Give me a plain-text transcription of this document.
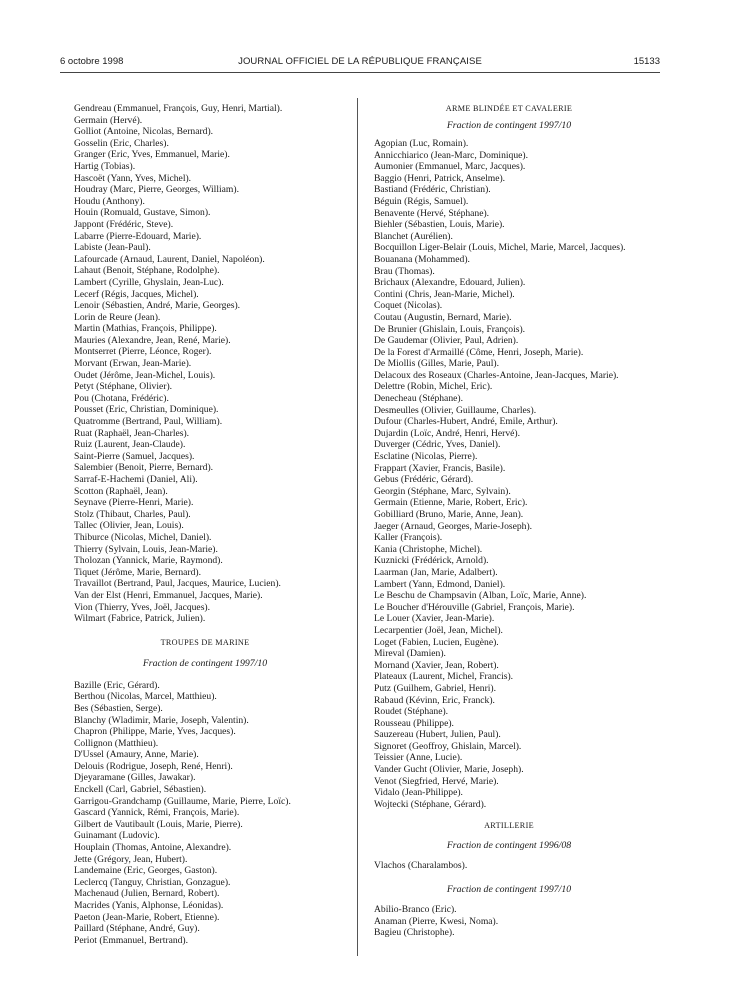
6 octobre 1998	JOURNAL OFFICIEL DE LA RÉPUBLIQUE FRANÇAISE	15133
Gendreau (Emmanuel, François, Guy, Henri, Martial).
Germain (Hervé).
Golliot (Antoine, Nicolas, Bernard).
Gosselin (Eric, Charles).
Granger (Eric, Yves, Emmanuel, Marie).
Hartig (Tobias).
Hascoët (Yann, Yves, Michel).
Houdray (Marc, Pierre, Georges, William).
Houdu (Anthony).
Houin (Romuald, Gustave, Simon).
Jappont (Frédéric, Steve).
Labarre (Pierre-Edouard, Marie).
Labiste (Jean-Paul).
Lafourcade (Arnaud, Laurent, Daniel, Napoléon).
Lahaut (Benoit, Stéphane, Rodolphe).
Lambert (Cyrille, Ghyslain, Jean-Luc).
Lecerf (Régis, Jacques, Michel).
Lenoir (Sébastien, André, Marie, Georges).
Lorin de Reure (Jean).
Martin (Mathias, François, Philippe).
Mauries (Alexandre, Jean, René, Marie).
Montserret (Pierre, Léonce, Roger).
Morvant (Erwan, Jean-Marie).
Oudet (Jérôme, Jean-Michel, Louis).
Petyt (Stéphane, Olivier).
Pou (Chotana, Frédéric).
Pousset (Eric, Christian, Dominique).
Quatromme (Bertrand, Paul, William).
Ruat (Raphaël, Jean-Charles).
Ruiz (Laurent, Jean-Claude).
Saint-Pierre (Samuel, Jacques).
Salembier (Benoit, Pierre, Bernard).
Sarraf-E-Hachemi (Daniel, Ali).
Scotton (Raphaël, Jean).
Seynave (Pierre-Henri, Marie).
Stolz (Thibaut, Charles, Paul).
Tallec (Olivier, Jean, Louis).
Thiburce (Nicolas, Michel, Daniel).
Thierry (Sylvain, Louis, Jean-Marie).
Tholozan (Yannick, Marie, Raymond).
Tiquet (Jérôme, Marie, Bernard).
Travaillot (Bertrand, Paul, Jacques, Maurice, Lucien).
Van der Elst (Henri, Emmanuel, Jacques, Marie).
Vion (Thierry, Yves, Joël, Jacques).
Wilmart (Fabrice, Patrick, Julien).
TROUPES DE MARINE
Fraction de contingent 1997/10
Bazille (Eric, Gérard).
Berthou (Nicolas, Marcel, Matthieu).
Bes (Sébastien, Serge).
Blanchy (Wladimir, Marie, Joseph, Valentin).
Chapron (Philippe, Marie, Yves, Jacques).
Collignon (Matthieu).
D'Ussel (Amaury, Anne, Marie).
Delouis (Rodrigue, Joseph, René, Henri).
Djeyaramane (Gilles, Jawakar).
Enckell (Carl, Gabriel, Sébastien).
Garrigou-Grandchamp (Guillaume, Marie, Pierre, Loïc).
Gascard (Yannick, Rémi, François, Marie).
Gilbert de Vautibault (Louis, Marie, Pierre).
Guinamant (Ludovic).
Houplain (Thomas, Antoine, Alexandre).
Jette (Grégory, Jean, Hubert).
Landemaine (Eric, Georges, Gaston).
Leclercq (Tanguy, Christian, Gonzague).
Machenaud (Julien, Bernard, Robert).
Macrides (Yanis, Alphonse, Léonidas).
Paeton (Jean-Marie, Robert, Etienne).
Paillard (Stéphane, André, Guy).
Periot (Emmanuel, Bertrand).
ARME BLINDÉE ET CAVALERIE
Fraction de contingent 1997/10
Agopian (Luc, Romain).
Annicchiarico (Jean-Marc, Dominique).
Aumonier (Emmanuel, Marc, Jacques).
Baggio (Henri, Patrick, Anselme).
Bastiand (Frédéric, Christian).
Béguin (Régis, Samuel).
Benavente (Hervé, Stéphane).
Biehler (Sébastien, Louis, Marie).
Blanchet (Aurélien).
Bocquillon Liger-Belair (Louis, Michel, Marie, Marcel, Jacques).
Bouanana (Mohammed).
Brau (Thomas).
Brichaux (Alexandre, Edouard, Julien).
Contini (Chris, Jean-Marie, Michel).
Coquet (Nicolas).
Coutau (Augustin, Bernard, Marie).
De Brunier (Ghislain, Louis, François).
De Gaudemar (Olivier, Paul, Adrien).
De la Forest d'Armaillé (Côme, Henri, Joseph, Marie).
De Miollis (Gilles, Marie, Paul).
Delacoux des Roseaux (Charles-Antoine, Jean-Jacques, Marie).
Delettre (Robin, Michel, Eric).
Denecheau (Stéphane).
Desmeulles (Olivier, Guillaume, Charles).
Dufour (Charles-Hubert, André, Emile, Arthur).
Dujardin (Loïc, André, Henri, Hervé).
Duverger (Cédric, Yves, Daniel).
Esclatine (Nicolas, Pierre).
Frappart (Xavier, Francis, Basile).
Gebus (Frédéric, Gérard).
Georgin (Stéphane, Marc, Sylvain).
Germain (Etienne, Marie, Robert, Eric).
Gobilliard (Bruno, Marie, Anne, Jean).
Jaeger (Arnaud, Georges, Marie-Joseph).
Kaller (François).
Kania (Christophe, Michel).
Kuznicki (Frédérick, Arnold).
Laarman (Jan, Marie, Adalbert).
Lambert (Yann, Edmond, Daniel).
Le Beschu de Champsavin (Alban, Loïc, Marie, Anne).
Le Boucher d'Hérouville (Gabriel, François, Marie).
Le Louer (Xavier, Jean-Marie).
Lecarpentier (Joël, Jean, Michel).
Loget (Fabien, Lucien, Eugène).
Mireval (Damien).
Mornand (Xavier, Jean, Robert).
Plateaux (Laurent, Michel, Francis).
Putz (Guilhem, Gabriel, Henri).
Rabaud (Kévinn, Eric, Franck).
Roudet (Stéphane).
Rousseau (Philippe).
Sauzereau (Hubert, Julien, Paul).
Signoret (Geoffroy, Ghislain, Marcel).
Teissier (Anne, Lucie).
Vander Gucht (Olivier, Marie, Joseph).
Venot (Siegfried, Hervé, Marie).
Vidalo (Jean-Philippe).
Wojtecki (Stéphane, Gérard).
ARTILLERIE
Fraction de contingent 1996/08
Vlachos (Charalambos).
Fraction de contingent 1997/10
Abilio-Branco (Eric).
Anaman (Pierre, Kwesi, Noma).
Bagieu (Christophe).
